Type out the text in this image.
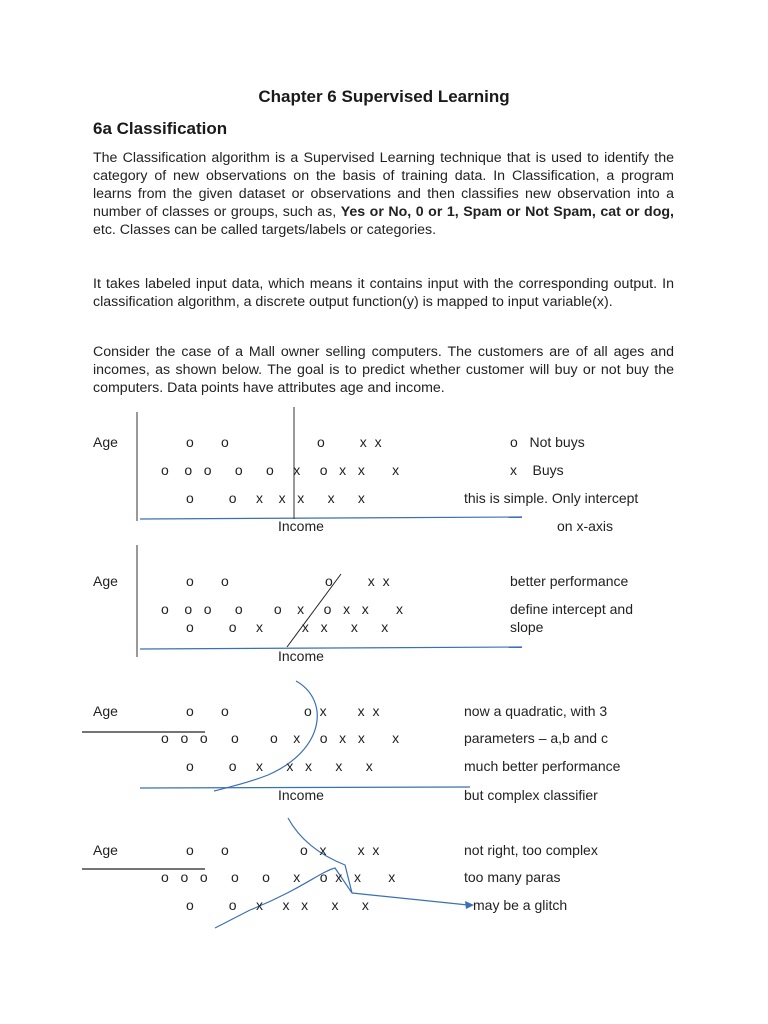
Chapter 6 Supervised Learning
6a Classification

The Classification algorithm is a Supervised Learning technique that is used to identify the category of new observations on the basis of training data. In Classification, a program learns from the given dataset or observations and then classifies new observation into a number of classes or groups, such as, Yes or No, 0 or 1, Spam or Not Spam, cat or dog, etc. Classes can be called targets/labels or categories.

It takes labeled input data, which means it contains input with the corresponding output. In classification algorithm, a discrete output function(y) is mapped to input variable(x).

Consider the case of a Mall owner selling computers. The customers are of all ages and incomes, as shown below. The goal is to predict whether customer will buy or not buy the computers. Data points have attributes age and income.

Age	o       o	o         x  x
o    o   o      o      o     x     o   x   x       x
o         o     x    x   x      x      x
Income
o   Not buys
x    Buys
this is simple. Only intercept
on x-axis
Age	o       o	o         x  x
o    o   o      o        o    x     o   x   x       x
o         o     x          x   x      x      x
Income
better performance
define intercept and
slope
Age	o       o	o  x        x  x
o   o   o      o        o    x     o   x   x       x
o         o     x      x   x      x      x
Income
now a quadratic, with 3
parameters – a,b and c
much better performance
but complex classifier
Age	o       o	o   x        x  x
o   o   o      o      o      x     o  x   x       x
o         o     x     x   x      x      x
not right, too complex
too many paras
may be a glitch
